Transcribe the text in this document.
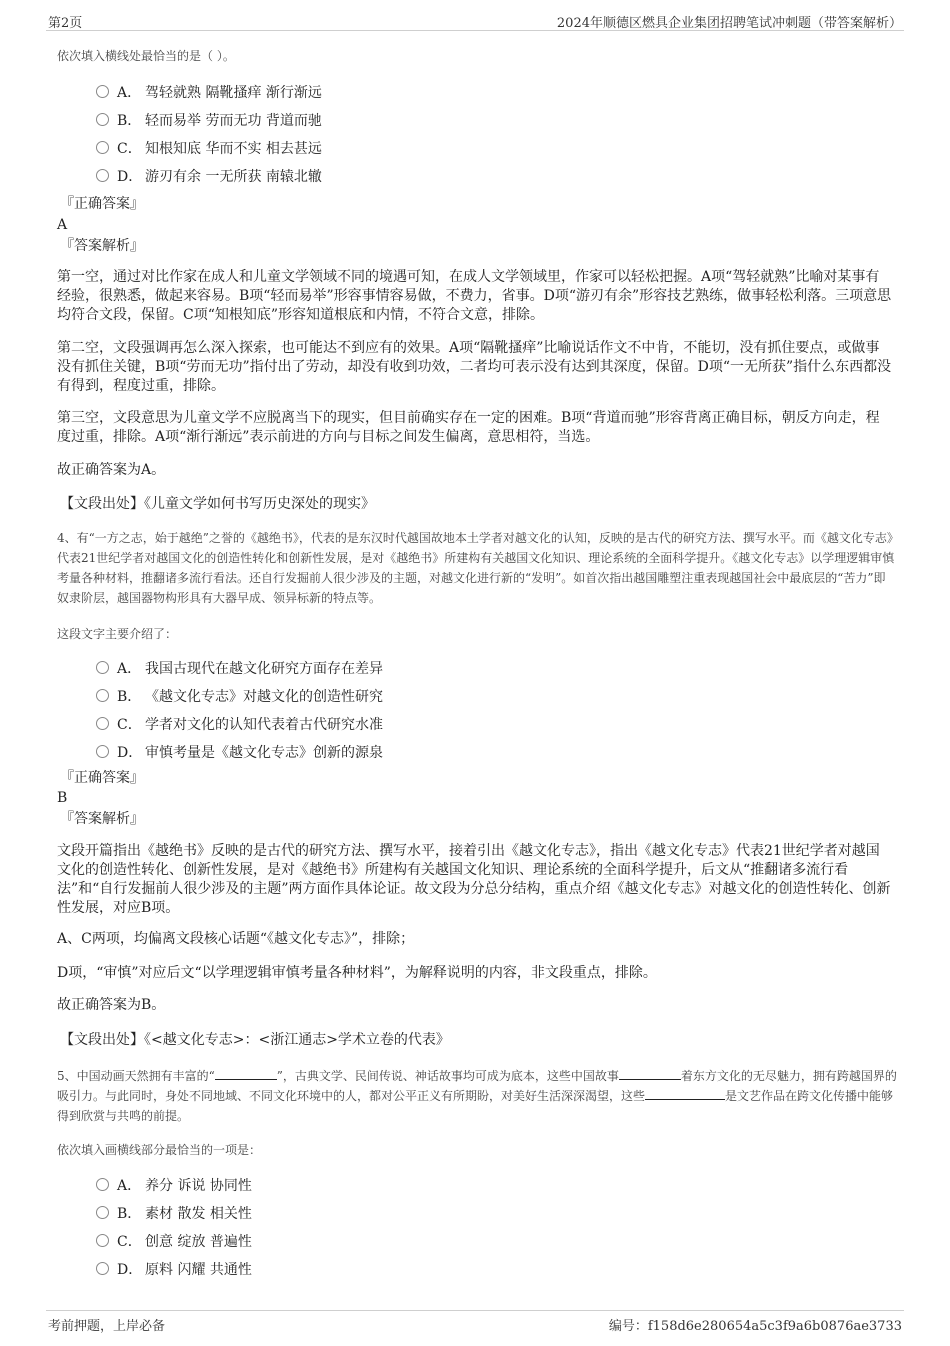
第2页	2024年顺德区燃具企业集团招聘笔试冲刺题（带答案解析）
依次填入横线处最恰当的是（ ）。
A． 驾轻就熟 隔靴搔痒 渐行渐远
B． 轻而易举 劳而无功 背道而驰
C． 知根知底 华而不实 相去甚远
D． 游刃有余 一无所获 南辕北辙
『正确答案』
A
『答案解析』
第一空，通过对比作家在成人和儿童文学领域不同的境遇可知，在成人文学领域里，作家可以轻松把握。A项“驾轻就熟”比喻对某事有经验，很熟悉，做起来容易。B项“轻而易举”形容事情容易做，不费力，省事。D项“游刃有余”形容技艺熟练，做事轻松利落。三项意思均符合文段，保留。C项“知根知底”形容知道根底和内情，不符合文意，排除。
第二空，文段强调再怎么深入探索，也可能达不到应有的效果。A项“隔靴搔痒”比喻说话作文不中肯，不能切，没有抓住要点，或做事没有抓住关键，B项“劳而无功”指付出了劳动，却没有收到功效，二者均可表示没有达到其深度，保留。D项“一无所获”指什么东西都没有得到，程度过重，排除。
第三空，文段意思为儿童文学不应脱离当下的现实，但目前确实存在一定的困难。B项“背道而驰”形容背离正确目标，朝反方向走，程度过重，排除。A项“渐行渐远”表示前进的方向与目标之间发生偏离，意思相符，当选。
故正确答案为A。
【文段出处】《儿童文学如何书写历史深处的现实》
4、有“一方之志，始于越绝”之誉的《越绝书》，代表的是东汉时代越国故地本土学者对越文化的认知，反映的是古代的研究方法、撰写水平。而《越文化专志》代表21世纪学者对越国文化的创造性转化和创新性发展，是对《越绝书》所建构有关越国文化知识、理论系统的全面科学提升。《越文化专志》以学理逻辑审慎考量各种材料，推翻诸多流行看法。还自行发掘前人很少涉及的主题，对越文化进行新的“发明”。如首次指出越国雕塑注重表现越国社会中最底层的“苦力”即奴隶阶层，越国器物构形具有大器早成、领异标新的特点等。
这段文字主要介绍了：
A． 我国古现代在越文化研究方面存在差异
B． 《越文化专志》对越文化的创造性研究
C． 学者对文化的认知代表着古代研究水准
D． 审慎考量是《越文化专志》创新的源泉
『正确答案』
B
『答案解析』
文段开篇指出《越绝书》反映的是古代的研究方法、撰写水平，接着引出《越文化专志》，指出《越文化专志》代表21世纪学者对越国文化的创造性转化、创新性发展，是对《越绝书》所建构有关越国文化知识、理论系统的全面科学提升，后文从“推翻诸多流行看法”和“自行发掘前人很少涉及的主题”两方面作具体论证。故文段为分总分结构，重点介绍《越文化专志》对越文化的创造性转化、创新性发展，对应B项。
A、C两项，均偏离文段核心话题“《越文化专志》”，排除；
D项，“审慎”对应后文“以学理逻辑审慎考量各种材料”，为解释说明的内容，非文段重点，排除。
故正确答案为B。
【文段出处】《<越文化专志>：<浙江通志>学术立卷的代表》
5、中国动画天然拥有丰富的“	”，古典文学、民间传说、神话故事均可成为底本，这些中国故事	着东方文化的无尽魅力，拥有跨越国界的吸引力。与此同时，身处不同地域、不同文化环境中的人，都对公平正义有所期盼，对美好生活深深渴望，这些	是文艺作品在跨文化传播中能够得到欣赏与共鸣的前提。
依次填入画横线部分最恰当的一项是：
A． 养分 诉说 协同性
B． 素材 散发 相关性
C． 创意 绽放 普遍性
D． 原料 闪耀 共通性
考前押题，上岸必备	编号：f158d6e280654a5c3f9a6b0876ae3733
